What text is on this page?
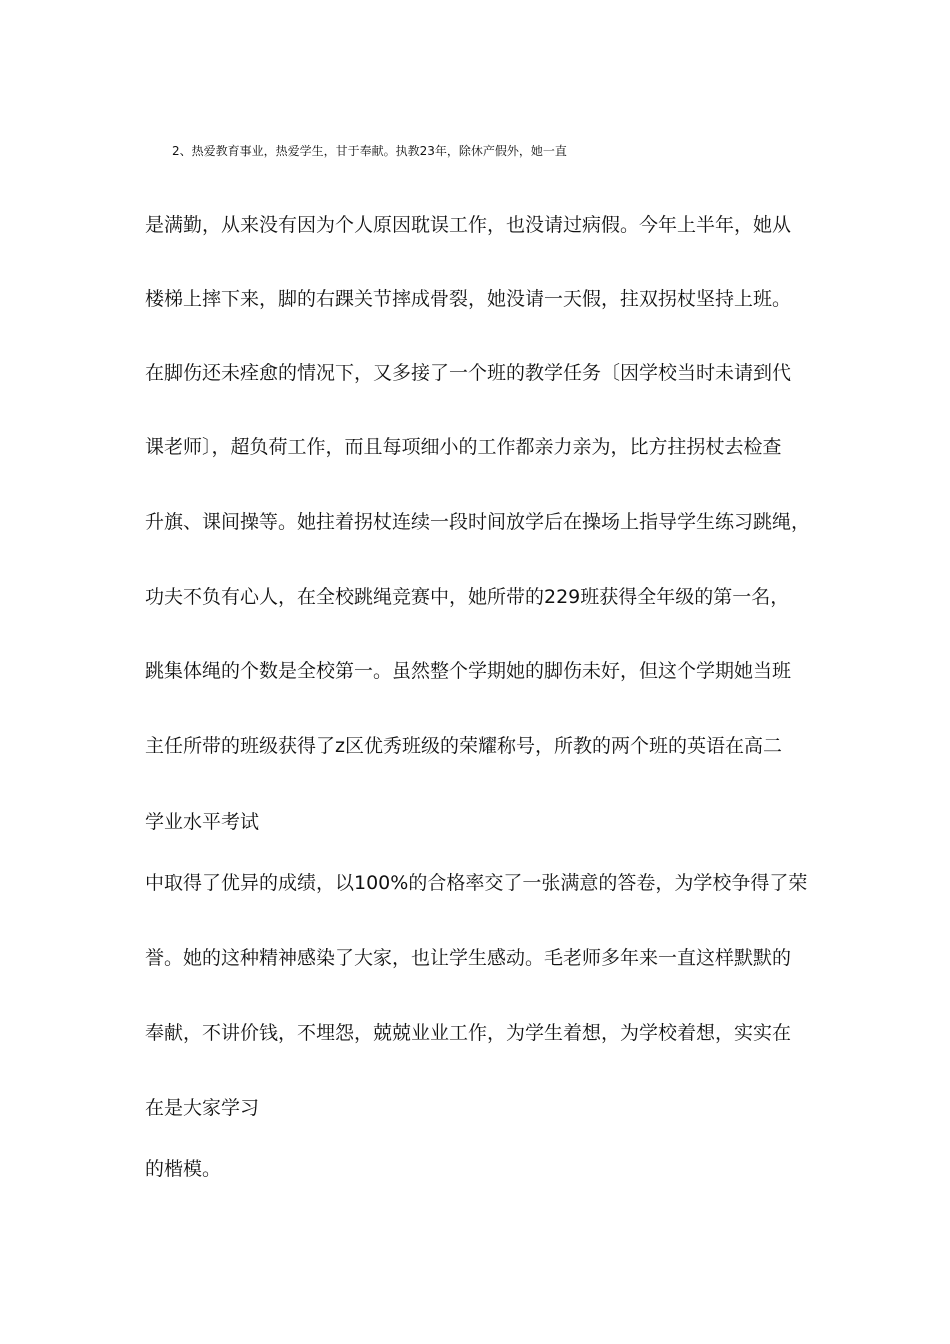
2、热爱教育事业，热爱学生，甘于奉献。执教23年，除休产假外，她一直
是满勤，从来没有因为个人原因耽误工作，也没请过病假。今年上半年，她从
楼梯上摔下来，脚的右踝关节摔成骨裂，她没请一天假，拄双拐杖坚持上班。
在脚伤还未痊愈的情况下，又多接了一个班的教学任务〔因学校当时未请到代
课老师〕，超负荷工作，而且每项细小的工作都亲力亲为，比方拄拐杖去检查
升旗、课间操等。她拄着拐杖连续一段时间放学后在操场上指导学生练习跳绳，
功夫不负有心人，在全校跳绳竞赛中，她所带的229班获得全年级的第一名，
跳集体绳的个数是全校第一。虽然整个学期她的脚伤未好，但这个学期她当班
主任所带的班级获得了z区优秀班级的荣耀称号，所教的两个班的英语在高二
学业水平考试
中取得了优异的成绩，以100%的合格率交了一张满意的答卷，为学校争得了荣
誉。她的这种精神感染了大家，也让学生感动。毛老师多年来一直这样默默的
奉献，不讲价钱，不埋怨，兢兢业业工作，为学生着想，为学校着想，实实在
在是大家学习
的楷模。
